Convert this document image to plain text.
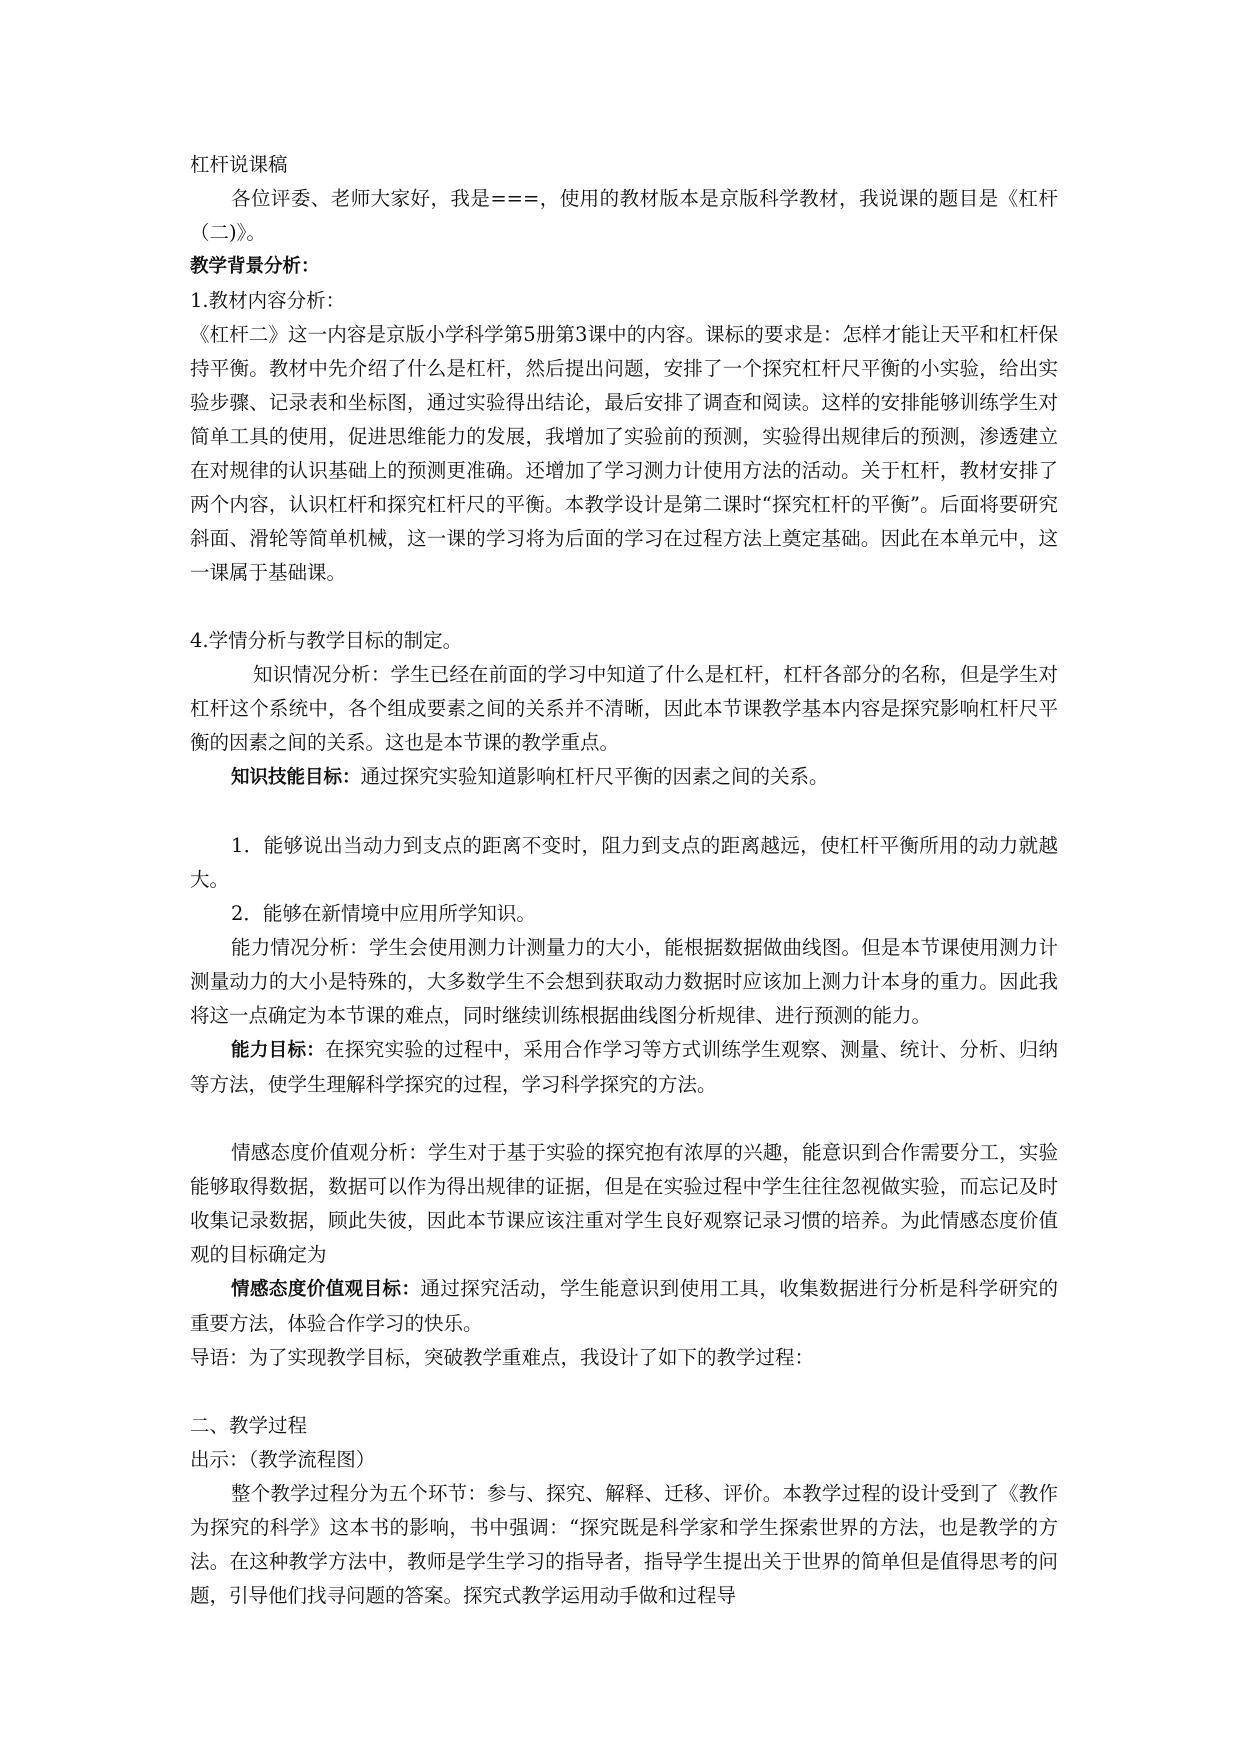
杠杆说课稿

各位评委、老师大家好，我是===，使用的教材版本是京版科学教材，我说课的题目是《杠杆（二)》。

教学背景分析：

1.教材内容分析：

《杠杆二》这一内容是京版小学科学第5册第3课中的内容。课标的要求是：怎样才能让天平和杠杆保持平衡。教材中先介绍了什么是杠杆，然后提出问题，安排了一个探究杠杆尺平衡的小实验，给出实验步骤、记录表和坐标图，通过实验得出结论，最后安排了调查和阅读。这样的安排能够训练学生对简单工具的使用，促进思维能力的发展，我增加了实验前的预测，实验得出规律后的预测，渗透建立在对规律的认识基础上的预测更准确。还增加了学习测力计使用方法的活动。关于杠杆，教材安排了两个内容，认识杠杆和探究杠杆尺的平衡。本教学设计是第二课时“探究杠杆的平衡”。后面将要研究斜面、滑轮等简单机械，这一课的学习将为后面的学习在过程方法上奠定基础。因此在本单元中，这一课属于基础课。

4.学情分析与教学目标的制定。

知识情况分析：学生已经在前面的学习中知道了什么是杠杆，杠杆各部分的名称，但是学生对杠杆这个系统中，各个组成要素之间的关系并不清晰，因此本节课教学基本内容是探究影响杠杆尺平衡的因素之间的关系。这也是本节课的教学重点。

知识技能目标：通过探究实验知道影响杠杆尺平衡的因素之间的关系。

1．能够说出当动力到支点的距离不变时，阻力到支点的距离越远，使杠杆平衡所用的动力就越大。

2．能够在新情境中应用所学知识。

能力情况分析：学生会使用测力计测量力的大小，能根据数据做曲线图。但是本节课使用测力计测量动力的大小是特殊的，大多数学生不会想到获取动力数据时应该加上测力计本身的重力。因此我将这一点确定为本节课的难点，同时继续训练根据曲线图分析规律、进行预测的能力。

能力目标：在探究实验的过程中，采用合作学习等方式训练学生观察、测量、统计、分析、归纳等方法，使学生理解科学探究的过程，学习科学探究的方法。

情感态度价值观分析：学生对于基于实验的探究抱有浓厚的兴趣，能意识到合作需要分工，实验能够取得数据，数据可以作为得出规律的证据，但是在实验过程中学生往往忽视做实验，而忘记及时收集记录数据，顾此失彼，因此本节课应该注重对学生良好观察记录习惯的培养。为此情感态度价值观的目标确定为

情感态度价值观目标：通过探究活动，学生能意识到使用工具，收集数据进行分析是科学研究的重要方法，体验合作学习的快乐。

导语：为了实现教学目标，突破教学重难点，我设计了如下的教学过程：

二、教学过程

出示：（教学流程图）

整个教学过程分为五个环节：参与、探究、解释、迁移、评价。本教学过程的设计受到了《教作为探究的科学》这本书的影响，书中强调：“探究既是科学家和学生探索世界的方法，也是教学的方法。在这种教学方法中，教师是学生学习的指导者，指导学生提出关于世界的简单但是值得思考的问题，引导他们找寻问题的答案。探究式教学运用动手做和过程导
